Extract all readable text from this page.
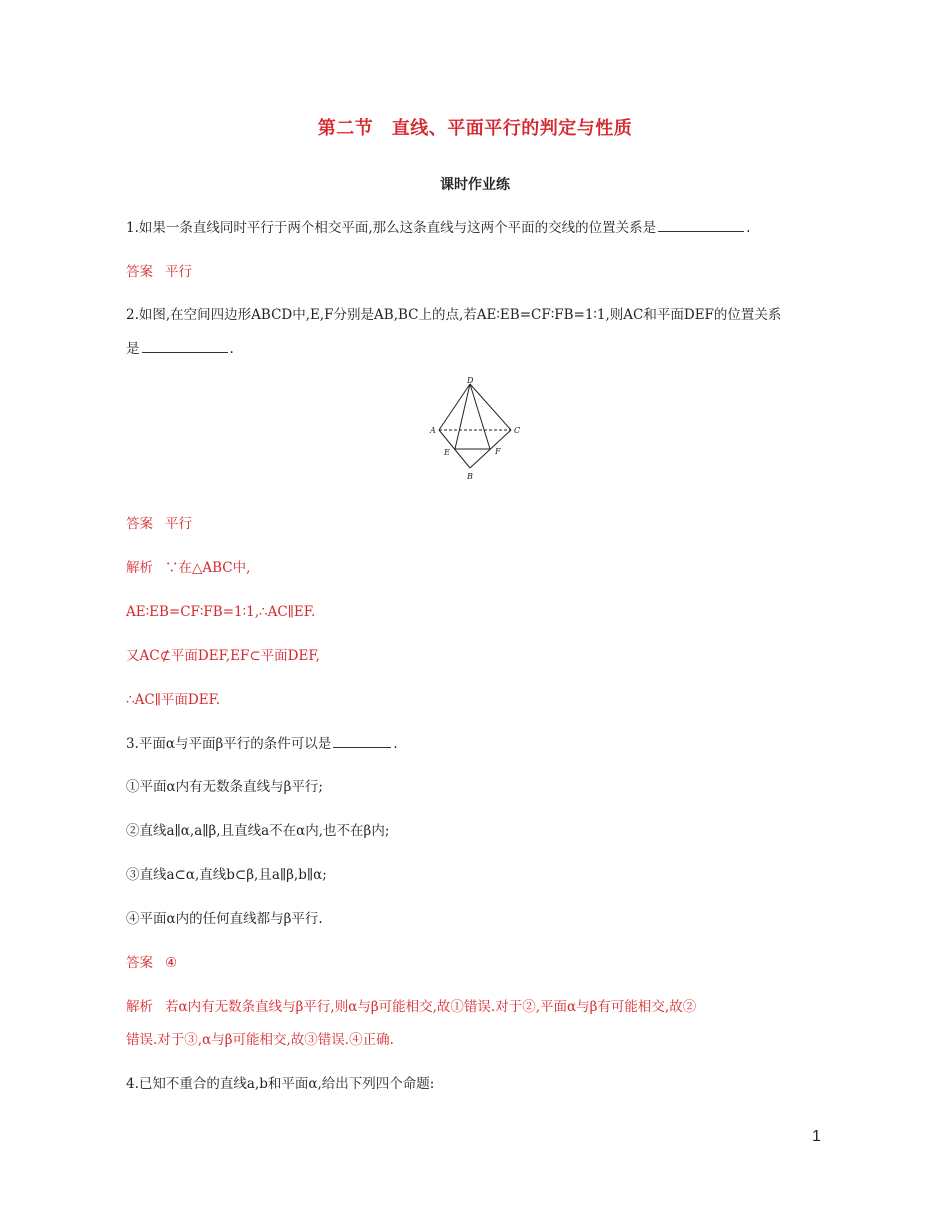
第二节　直线、平面平行的判定与性质
课时作业练
1.如果一条直线同时平行于两个相交平面,那么这条直线与这两个平面的交线的位置关系是	.
答案 平行
2.如图,在空间四边形ABCD中,E,F分别是AB,BC上的点,若AE∶EB=CF∶FB=1∶1,则AC和平面DEF的位置关系
是	.
D
A	C
E	F
B
答案 平行
解析 ∵在△ABC中,
AE∶EB=CF∶FB=1∶1,∴AC∥EF.
又AC⊄平面DEF,EF⊂平面DEF,
∴AC∥平面DEF.
3.平面α与平面β平行的条件可以是	.
①平面α内有无数条直线与β平行;
②直线a∥α,a∥β,且直线a不在α内,也不在β内;
③直线a⊂α,直线b⊂β,且a∥β,b∥α;
④平面α内的任何直线都与β平行.
答案 ④
解析 若α内有无数条直线与β平行,则α与β可能相交,故①错误.对于②,平面α与β有可能相交,故②
错误.对于③,α与β可能相交,故③错误.④正确.
4.已知不重合的直线a,b和平面α,给出下列四个命题:
1
